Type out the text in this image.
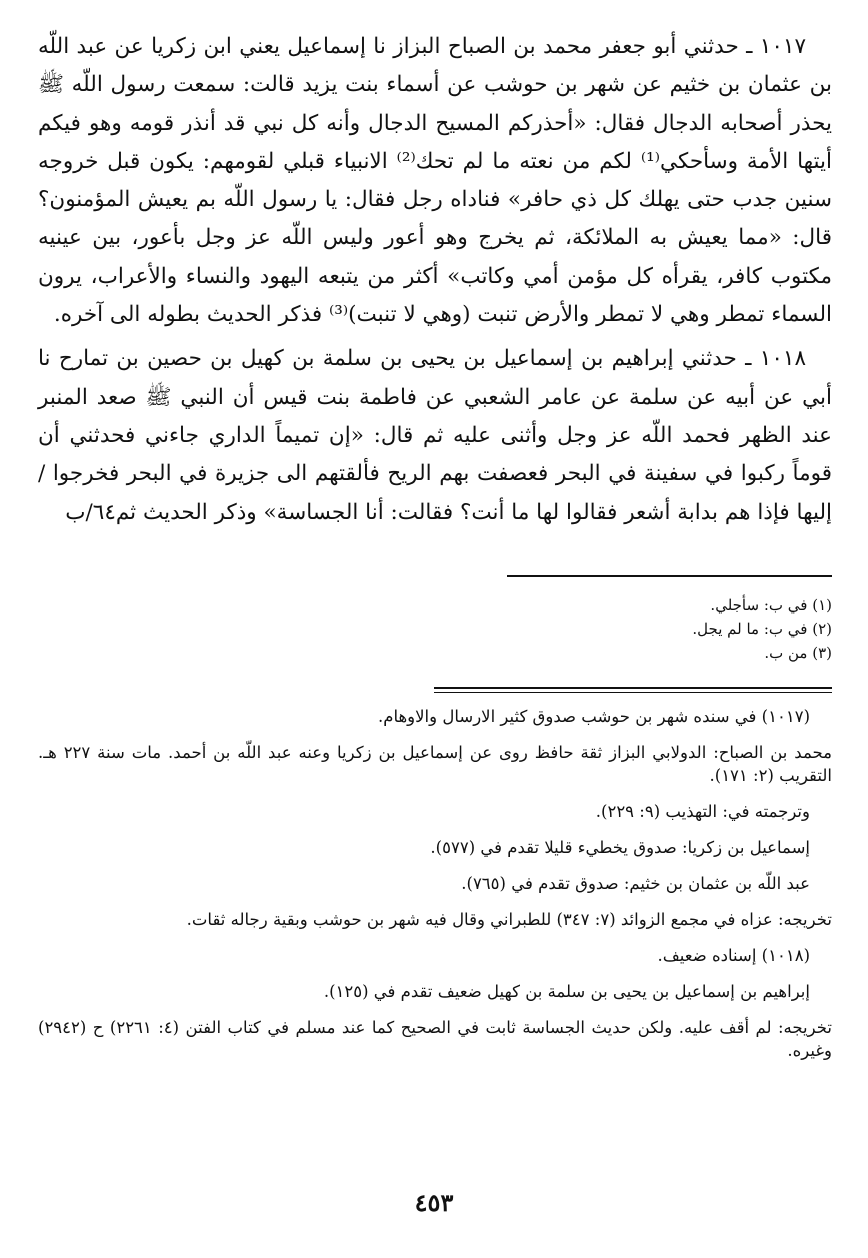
١٠١٧ ـ حدثني أبو جعفر محمد بن الصباح البزاز نا إسماعيل يعني ابن زكريا عن عبد اللّه بن عثمان بن خثيم عن شهر بن حوشب عن أسماء بنت يزيد قالت: سمعت رسول اللّه ﷺ يحذر أصحابه الدجال فقال: «أحذركم المسيح الدجال وأنه كل نبي قد أنذر قومه وهو فيكم أيتها الأمة وسأحكي⁽¹⁾ لكم من نعته ما لم تحك⁽²⁾ الانبياء قبلي لقومهم: يكون قبل خروجه سنين جدب حتى يهلك كل ذي حافر» فناداه رجل فقال: يا رسول اللّه بم يعيش المؤمنون؟ قال: «مما يعيش به الملائكة، ثم يخرج وهو أعور وليس اللّه عز وجل بأعور، بين عينيه مكتوب كافر، يقرأه كل مؤمن أمي وكاتب» أكثر من يتبعه اليهود والنساء والأعراب، يرون السماء تمطر وهي لا تمطر والأرض تنبت (وهي لا تنبت)⁽³⁾ فذكر الحديث بطوله الى آخره.

١٠١٨ ـ حدثني إبراهيم بن إسماعيل بن يحيى بن سلمة بن كهيل بن حصين بن تمارح نا أبي عن أبيه عن سلمة عن عامر الشعبي عن فاطمة بنت قيس أن النبي ﷺ صعد المنبر عند الظهر فحمد اللّه عز وجل وأثنى عليه ثم قال: «إن تميماً الداري جاءني فحدثني أن قوماً ركبوا في سفينة في البحر فعصفت بهم الريح فألقتهم الى جزيرة في البحر فخرجوا / إليها فإذا هم بدابة أشعر فقالوا لها ما أنت؟ فقالت: أنا الجساسة» وذكر الحديث ثم٦٤/ب

(١) في ب: سأجلي.
(٢) في ب: ما لم يجل.
(٣) من ب.

(١٠١٧) في سنده شهر بن حوشب صدوق كثير الارسال والاوهام.

محمد بن الصباح: الدولابي البزاز ثقة حافظ روى عن إسماعيل بن زكريا وعنه عبد اللّه بن أحمد. مات سنة ٢٢٧ هـ. التقريب (٢: ١٧١).

وترجمته في: التهذيب (٩: ٢٢٩).

إسماعيل بن زكريا: صدوق يخطيء قليلا تقدم في (٥٧٧).

عبد اللّه بن عثمان بن خثيم: صدوق تقدم في (٧٦٥).

تخريجه: عزاه في مجمع الزوائد (٧: ٣٤٧) للطبراني وقال فيه شهر بن حوشب وبقية رجاله ثقات.

(١٠١٨) إسناده ضعيف.

إبراهيم بن إسماعيل بن يحيى بن سلمة بن كهيل ضعيف تقدم في (١٢٥).

تخريجه: لم أقف عليه. ولكن حديث الجساسة ثابت في الصحيح كما عند مسلم في كتاب الفتن (٤: ٢٢٦١) ح (٢٩٤٢) وغيره.

٤٥٣
